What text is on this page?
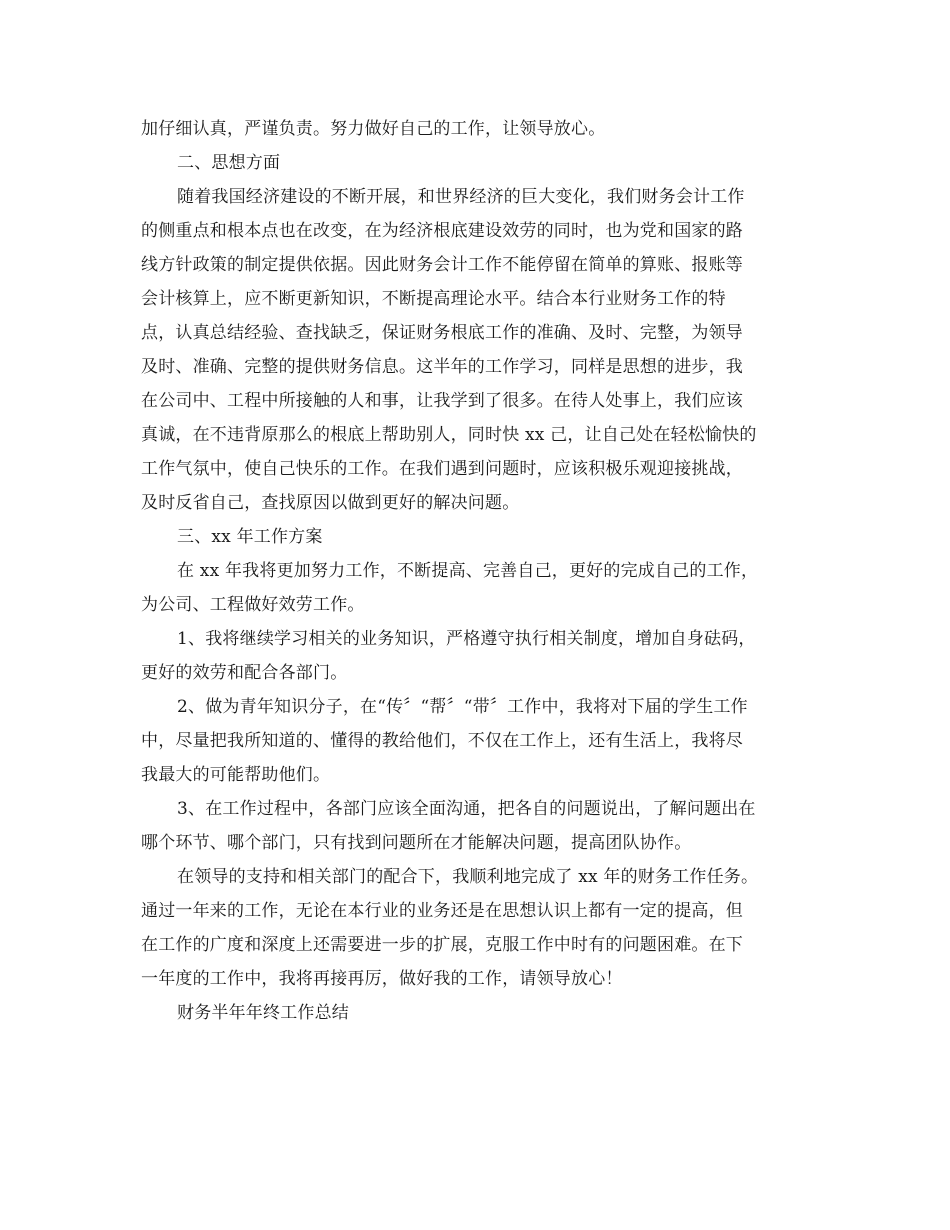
加仔细认真，严谨负责。努力做好自己的工作，让领导放心。
二、思想方面
随着我国经济建设的不断开展，和世界经济的巨大变化，我们财务会计工作
的侧重点和根本点也在改变，在为经济根底建设效劳的同时，也为党和国家的路
线方针政策的制定提供依据。因此财务会计工作不能停留在简单的算账、报账等
会计核算上，应不断更新知识，不断提高理论水平。结合本行业财务工作的特
点，认真总结经验、查找缺乏，保证财务根底工作的准确、及时、完整，为领导
及时、准确、完整的提供财务信息。这半年的工作学习，同样是思想的进步，我
在公司中、工程中所接触的人和事，让我学到了很多。在待人处事上，我们应该
真诚，在不违背原那么的根底上帮助别人，同时快 xx 己，让自己处在轻松愉快的
工作气氛中，使自己快乐的工作。在我们遇到问题时，应该积极乐观迎接挑战，
及时反省自己，查找原因以做到更好的解决问题。
三、xx 年工作方案
在 xx 年我将更加努力工作，不断提高、完善自己，更好的完成自己的工作，
为公司、工程做好效劳工作。
1、我将继续学习相关的业务知识，严格遵守执行相关制度，增加自身砝码，
更好的效劳和配合各部门。
2、做为青年知识分子，在“传〞“帮〞“带〞工作中，我将对下届的学生工作
中，尽量把我所知道的、懂得的教给他们，不仅在工作上，还有生活上，我将尽
我最大的可能帮助他们。
3、在工作过程中，各部门应该全面沟通，把各自的问题说出，了解问题出在
哪个环节、哪个部门，只有找到问题所在才能解决问题，提高团队协作。
在领导的支持和相关部门的配合下，我顺利地完成了 xx 年的财务工作任务。
通过一年来的工作，无论在本行业的业务还是在思想认识上都有一定的提高，但
在工作的广度和深度上还需要进一步的扩展，克服工作中时有的问题困难。在下
一年度的工作中，我将再接再厉，做好我的工作，请领导放心！
财务半年年终工作总结
